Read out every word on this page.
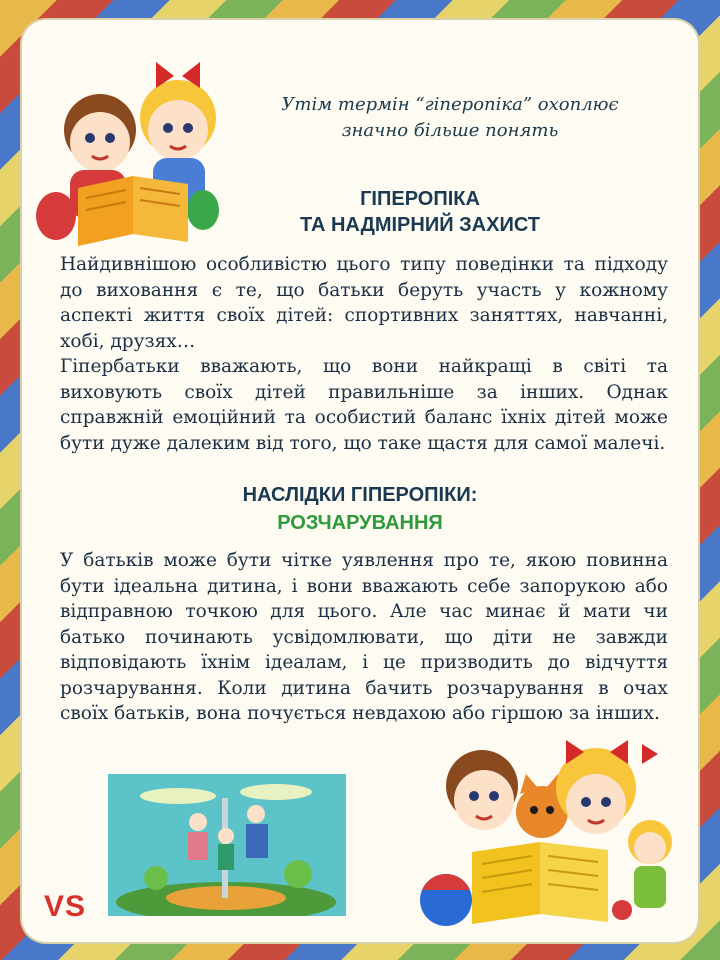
Утім термін “гіперопіка” охоплює
значно більше понять
ГІПЕРОПІКА
ТА НАДМІРНИЙ ЗАХИСТ
Найдивнішою особливістю цього типу поведінки та підходу до виховання є те, що батьки беруть участь у кожному аспекті життя своїх дітей: спортивних заняттях, навчанні, хобі, друзях…
Гіпербатьки вважають, що вони найкращі в світі та виховують своїх дітей правильніше за інших. Однак справжній емоційний та особистий баланс їхніх дітей може бути дуже далеким від того, що таке щастя для самої малечі.
НАСЛІДКИ ГІПЕРОПІКИ:
РОЗЧАРУВАННЯ
У батьків може бути чітке уявлення про те, якою повинна бути ідеальна дитина, і вони вважають себе запорукою або відправною точкою для цього. Але час минає й мати чи батько починають усвідомлювати, що діти не завжди відповідають їхнім ідеалам, і це призводить до відчуття розчарування. Коли дитина бачить розчарування в очах своїх батьків, вона почується невдахою або гіршою за інших.
VS
